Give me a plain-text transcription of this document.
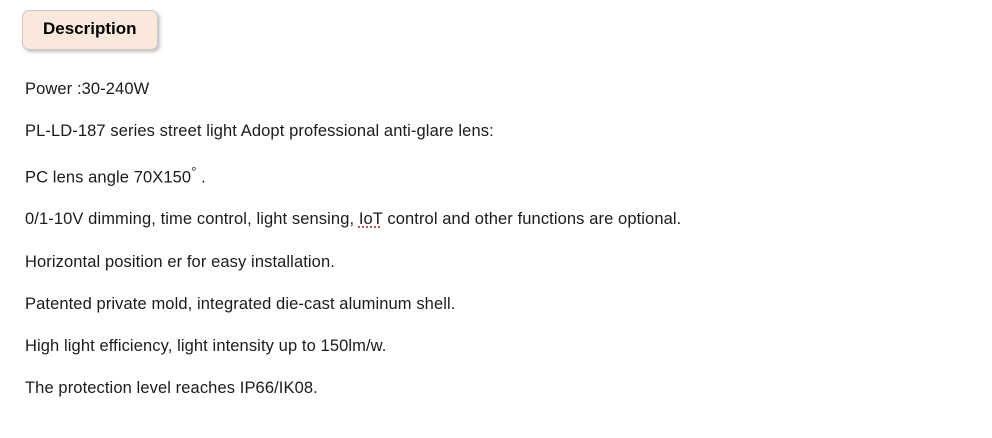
Description

Power :30-240W

PL-LD-187 series street light Adopt professional anti-glare lens:

PC lens angle 70X150° .

0/1-10V dimming, time control, light sensing, IoT control and other functions are optional.

Horizontal position er for easy installation.

Patented private mold, integrated die-cast aluminum shell.

High light efficiency, light intensity up to 150lm/w.

The protection level reaches IP66/IK08.
